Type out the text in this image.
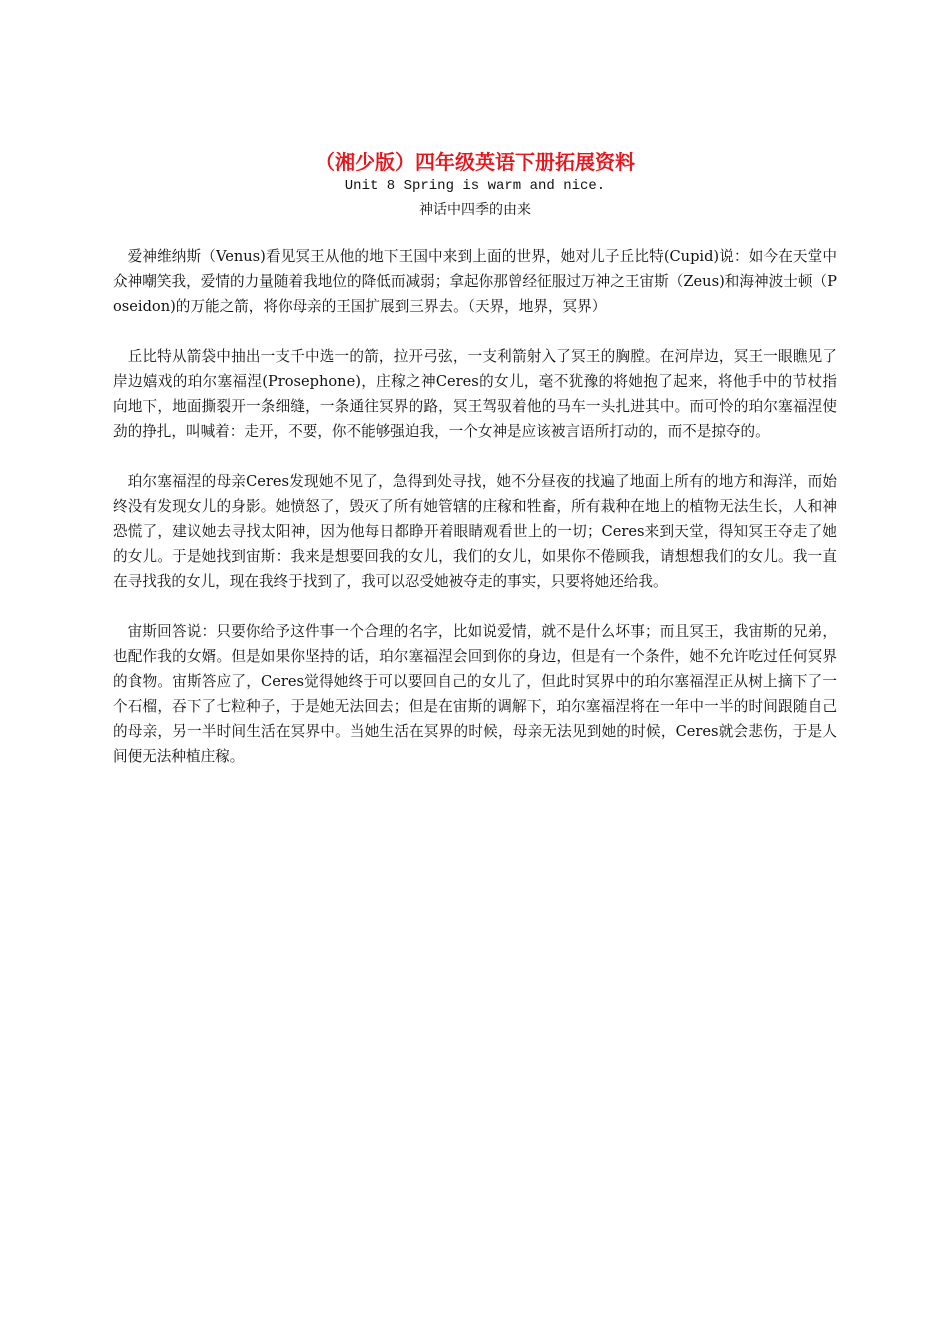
（湘少版）四年级英语下册拓展资料
Unit 8 Spring is warm and nice.
神话中四季的由来

爱神维纳斯（Venus)看见冥王从他的地下王国中来到上面的世界，她对儿子丘比特(Cupid)说：如今在天堂中众神嘲笑我，爱情的力量随着我地位的降低而减弱；拿起你那曾经征服过万神之王宙斯（Zeus)和海神波士顿（Poseidon)的万能之箭，将你母亲的王国扩展到三界去。（天界，地界，冥界）

丘比特从箭袋中抽出一支千中选一的箭，拉开弓弦，一支利箭射入了冥王的胸膛。在河岸边，冥王一眼瞧见了岸边嬉戏的珀尔塞福涅(Prosephone)，庄稼之神Ceres的女儿，毫不犹豫的将她抱了起来，将他手中的节杖指向地下，地面撕裂开一条细缝，一条通往冥界的路，冥王驾驭着他的马车一头扎进其中。而可怜的珀尔塞福涅使劲的挣扎，叫喊着：走开，不要，你不能够强迫我，一个女神是应该被言语所打动的，而不是掠夺的。

珀尔塞福涅的母亲Ceres发现她不见了，急得到处寻找，她不分昼夜的找遍了地面上所有的地方和海洋，而始终没有发现女儿的身影。她愤怒了，毁灭了所有她管辖的庄稼和牲畜，所有栽种在地上的植物无法生长，人和神恐慌了，建议她去寻找太阳神，因为他每日都睁开着眼睛观看世上的一切；Ceres来到天堂，得知冥王夺走了她的女儿。于是她找到宙斯：我来是想要回我的女儿，我们的女儿，如果你不倦顾我，请想想我们的女儿。我一直在寻找我的女儿，现在我终于找到了，我可以忍受她被夺走的事实，只要将她还给我。

宙斯回答说：只要你给予这件事一个合理的名字，比如说爱情，就不是什么坏事；而且冥王，我宙斯的兄弟，也配作我的女婿。但是如果你坚持的话，珀尔塞福涅会回到你的身边，但是有一个条件，她不允许吃过任何冥界的食物。宙斯答应了，Ceres觉得她终于可以要回自己的女儿了，但此时冥界中的珀尔塞福涅正从树上摘下了一个石榴，吞下了七粒种子，于是她无法回去；但是在宙斯的调解下，珀尔塞福涅将在一年中一半的时间跟随自己的母亲，另一半时间生活在冥界中。当她生活在冥界的时候，母亲无法见到她的时候，Ceres就会悲伤，于是人间便无法种植庄稼。
